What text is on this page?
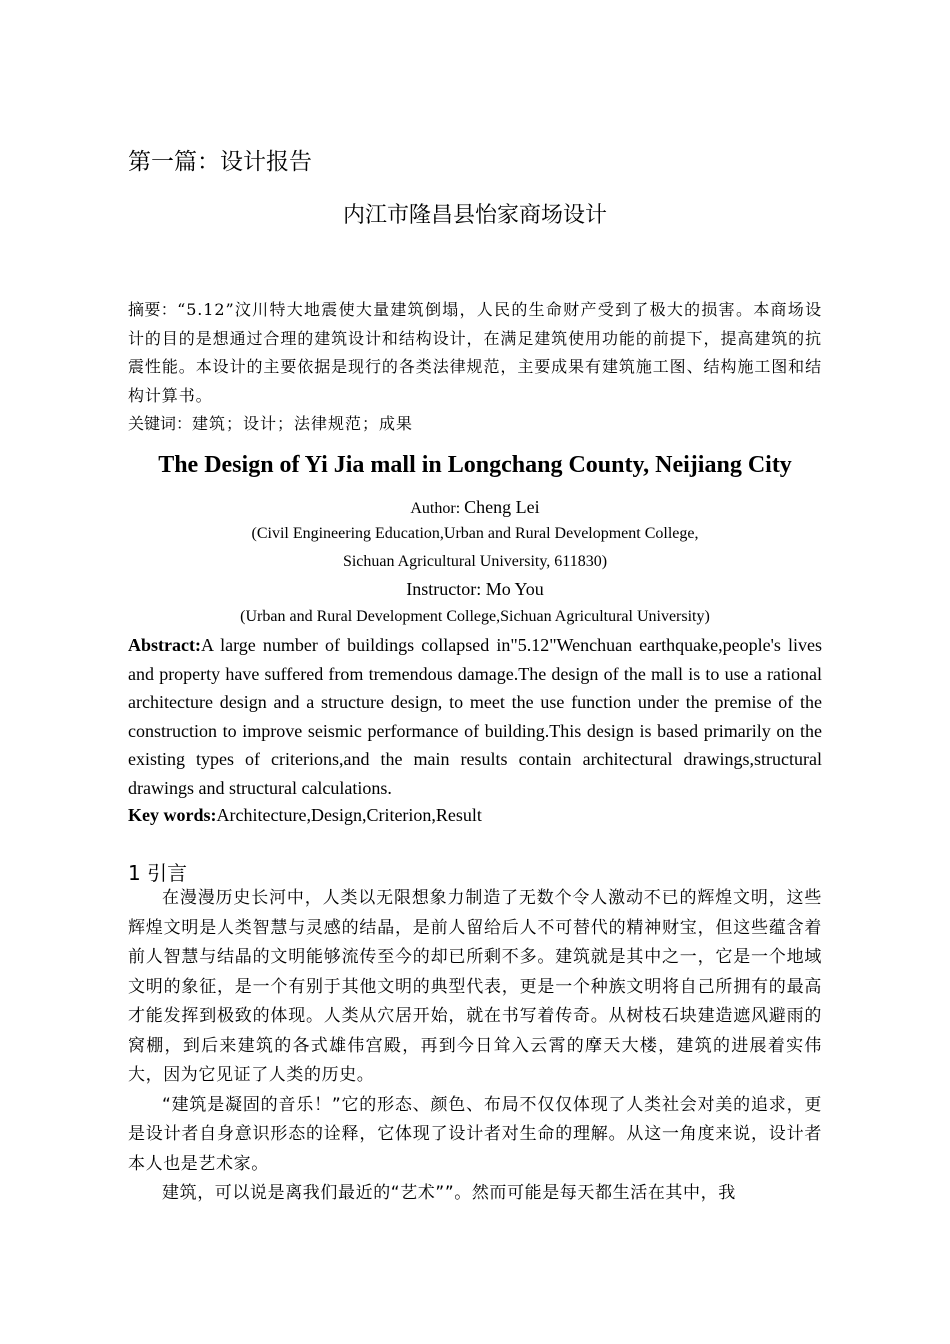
第一篇：设计报告
内江市隆昌县怡家商场设计
摘要：“5.12”汶川特大地震使大量建筑倒塌，人民的生命财产受到了极大的损害。本商场设计的目的是想通过合理的建筑设计和结构设计，在满足建筑使用功能的前提下，提高建筑的抗震性能。本设计的主要依据是现行的各类法律规范，主要成果有建筑施工图、结构施工图和结构计算书。
关键词：建筑；设计；法律规范；成果
The Design of Yi Jia mall in Longchang County, Neijiang City
Author: Cheng Lei
(Civil Engineering Education,Urban and Rural Development College,
Sichuan Agricultural University, 611830)
Instructor: Mo You
(Urban and Rural Development College,Sichuan Agricultural University)
Abstract:A large number of buildings collapsed in"5.12"Wenchuan earthquake,people's lives and property have suffered from tremendous damage.The design of the mall is to use a rational architecture design and a structure design, to meet the use function under the premise of the construction to improve seismic performance of building.This design is based primarily on the existing types of criterions,and the main results contain architectural drawings,structural drawings and structural calculations.
Key words:Architecture,Design,Criterion,Result
1 引言

在漫漫历史长河中，人类以无限想象力制造了无数个令人激动不已的辉煌文明，这些辉煌文明是人类智慧与灵感的结晶，是前人留给后人不可替代的精神财宝，但这些蕴含着前人智慧与结晶的文明能够流传至今的却已所剩不多。建筑就是其中之一，它是一个地域文明的象征，是一个有别于其他文明的典型代表，更是一个种族文明将自己所拥有的最高才能发挥到极致的体现。人类从穴居开始，就在书写着传奇。从树枝石块建造遮风避雨的窝棚，到后来建筑的各式雄伟宫殿，再到今日耸入云霄的摩天大楼，建筑的进展着实伟大，因为它见证了人类的历史。

“建筑是凝固的音乐！”它的形态、颜色、布局不仅仅体现了人类社会对美的追求，更是设计者自身意识形态的诠释，它体现了设计者对生命的理解。从这一角度来说，设计者本人也是艺术家。

建筑，可以说是离我们最近的“艺术””。然而可能是每天都生活在其中，我
